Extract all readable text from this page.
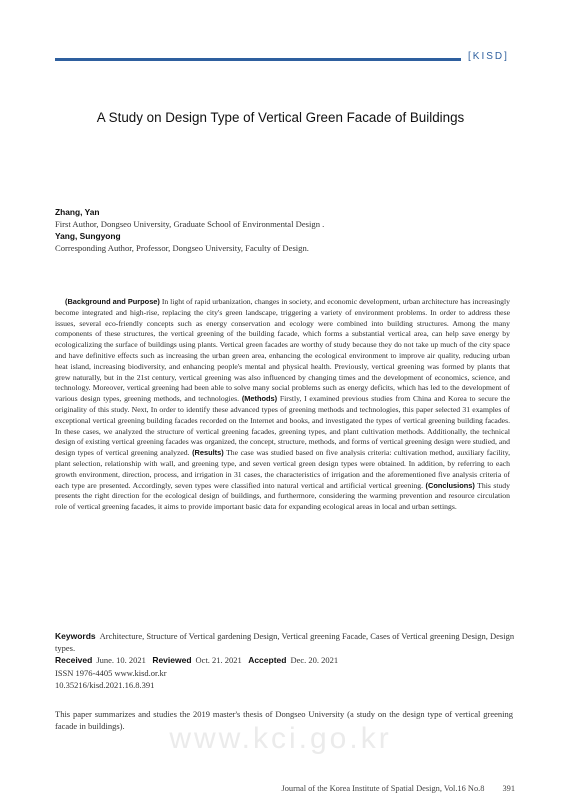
[KISD]
A Study on Design Type of Vertical Green Facade of Buildings
Zhang, Yan
First Author, Dongseo University, Graduate School of Environmental Design .
Yang, Sungyong
Corresponding Author, Professor, Dongseo University, Faculty of Design.
(Background and Purpose) In light of rapid urbanization, changes in society, and economic development, urban architecture has increasingly become integrated and high-rise, replacing the city's green landscape, triggering a variety of environment problems. In order to address these issues, several eco-friendly concepts such as energy conservation and ecology were combined into building structures. Among the many components of these structures, the vertical greening of the building facade, which forms a substantial vertical area, can help save energy by ecologicalizing the surface of buildings using plants. Vertical green facades are worthy of study because they do not take up much of the city space and have definitive effects such as increasing the urban green area, enhancing the ecological environment to improve air quality, reducing urban heat island, increasing biodiversity, and enhancing people's mental and physical health. Previously, vertical greening was formed by plants that grew naturally, but in the 21st century, vertical greening was also influenced by changing times and the development of economics, science, and technology. Moreover, vertical greening had been able to solve many social problems such as energy deficits, which has led to the development of various design types, greening methods, and technologies. (Methods) Firstly, I examined previous studies from China and Korea to secure the originality of this study. Next, In order to identify these advanced types of greening methods and technologies, this paper selected 31 examples of exceptional vertical greening building facades recorded on the Internet and books, and investigated the types of vertical greening building facades. In these cases, we analyzed the structure of vertical greening facades, greening types, and plant cultivation methods. Additionally, the technical design of existing vertical greening facades was organized, the concept, structure, methods, and forms of vertical greening design were studied, and design types of vertical greening analyzed. (Results) The case was studied based on five analysis criteria: cultivation method, auxiliary facility, plant selection, relationship with wall, and greening type, and seven vertical green design types were obtained. In addition, by referring to each growth environment, direction, process, and irrigation in 31 cases, the characteristics of irrigation and the aforementioned five analysis criteria of each type are presented. Accordingly, seven types were classified into natural vertical and artificial vertical greening. (Conclusions) This study presents the right direction for the ecological design of buildings, and furthermore, considering the warming prevention and resource circulation role of vertical greening facades, it aims to provide important basic data for expanding ecological areas in local and urban settings.
Keywords Architecture, Structure of Vertical gardening Design, Vertical greening Facade, Cases of Vertical greening Design, Design types.
Received June. 10. 2021 Reviewed Oct. 21. 2021 Accepted Dec. 20. 2021
ISSN 1976-4405 www.kisd.or.kr
10.35216/kisd.2021.16.8.391
This paper summarizes and studies the 2019 master's thesis of Dongseo University (a study on the design type of vertical greening facade in buildings).	www.kci.go.kr
Journal of the Korea Institute of Spatial Design, Vol.16 No.8 391
